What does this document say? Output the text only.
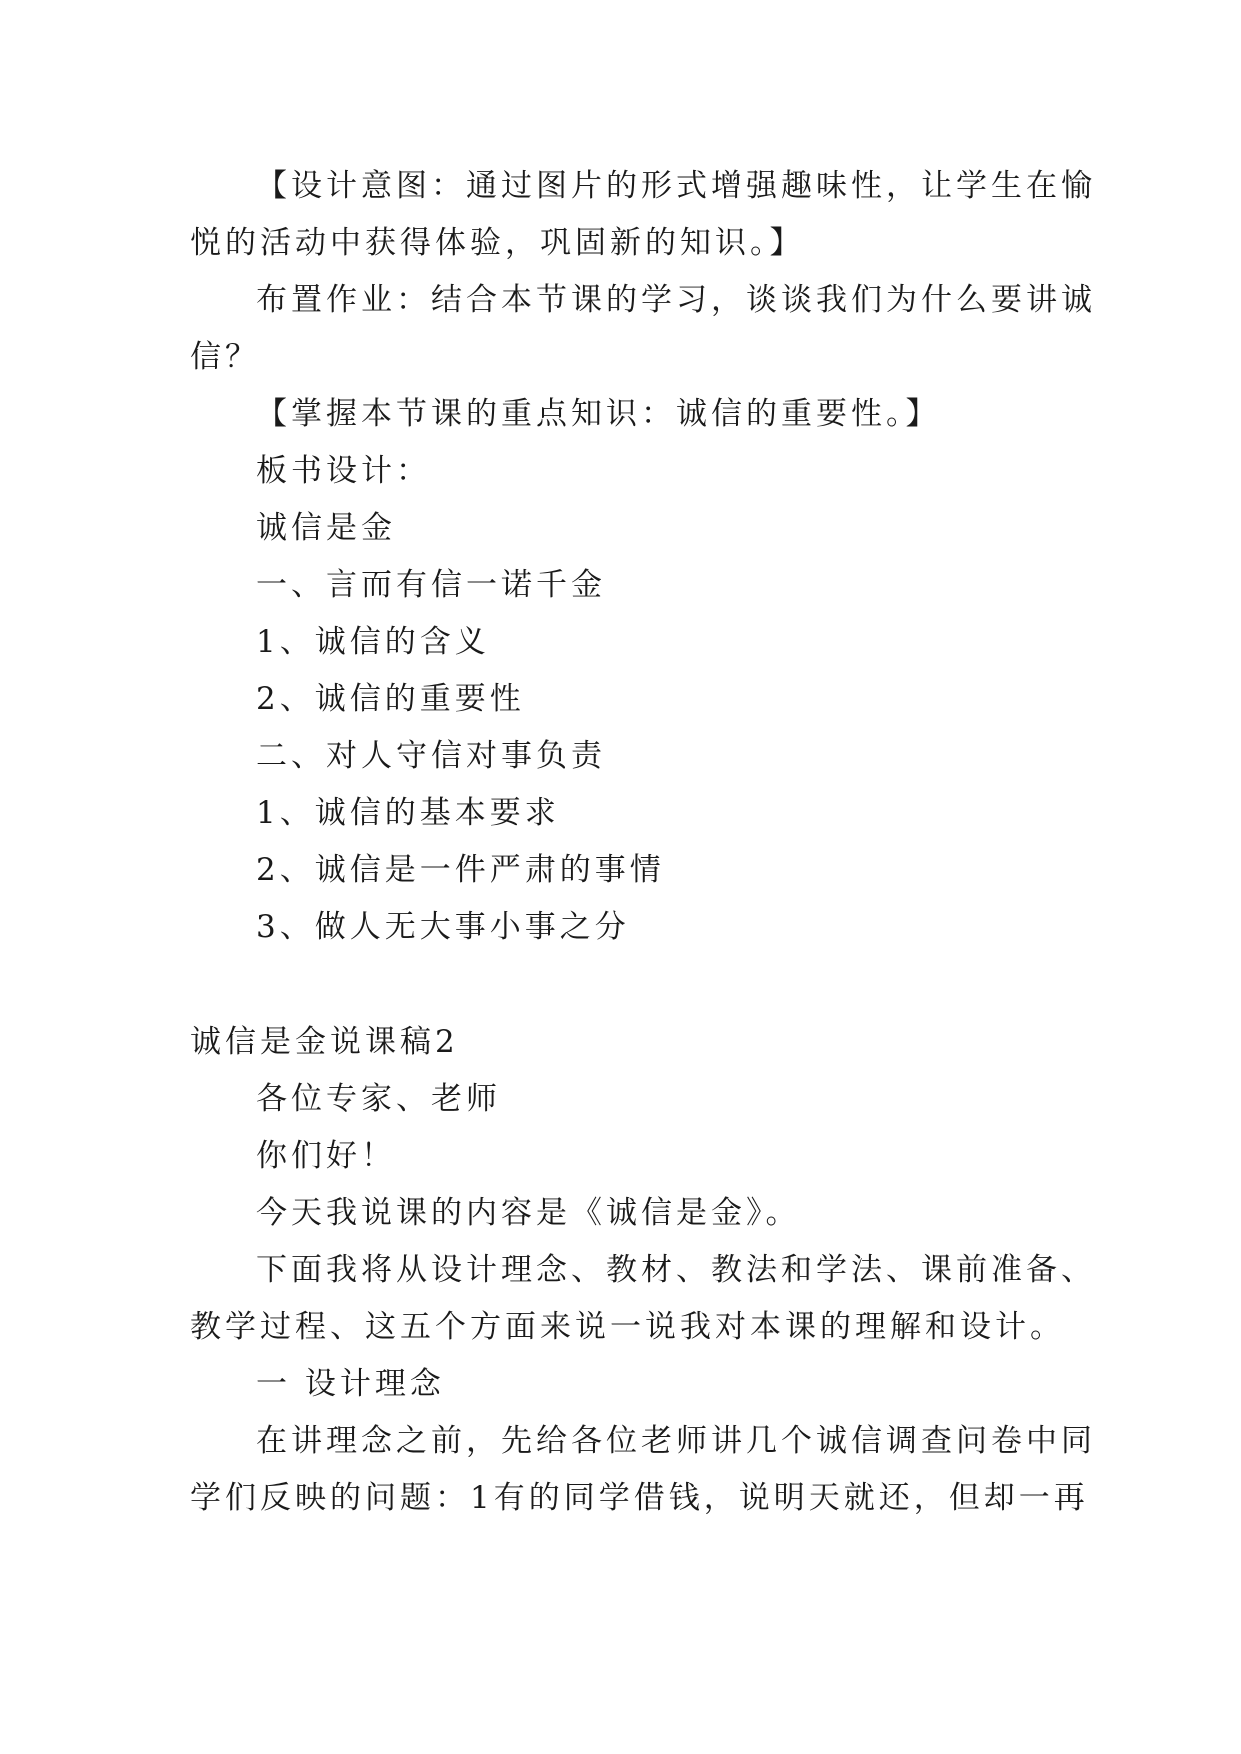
【设计意图：通过图片的形式增强趣味性，让学生在愉
悦的活动中获得体验，巩固新的知识。】
布置作业：结合本节课的学习，谈谈我们为什么要讲诚
信？
【掌握本节课的重点知识：诚信的重要性。】
板书设计：
诚信是金
一、言而有信一诺千金
1、诚信的含义
2、诚信的重要性
二、对人守信对事负责
1、诚信的基本要求
2、诚信是一件严肃的事情
3、做人无大事小事之分
诚信是金说课稿2
各位专家、老师
你们好！
今天我说课的内容是《诚信是金》。
下面我将从设计理念、教材、教法和学法、课前准备、
教学过程、这五个方面来说一说我对本课的理解和设计。
一 设计理念
在讲理念之前，先给各位老师讲几个诚信调查问卷中同
学们反映的问题：1有的同学借钱，说明天就还，但却一再
